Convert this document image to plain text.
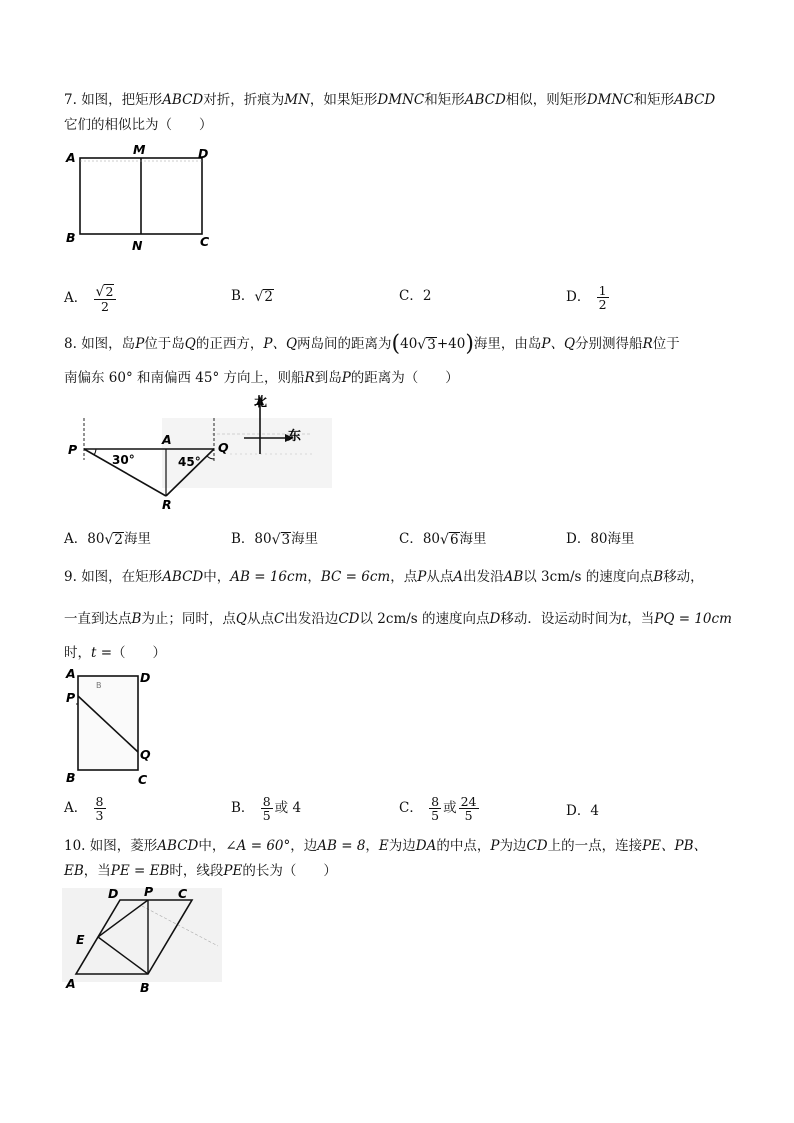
7. 如图，把矩形ABCD对折，折痕为MN，如果矩形DMNC和矩形ABCD相似，则矩形DMNC和矩形ABCD
它们的相似比为（　　）
A
M	D
B
N	C
A． $\frac{√2}{2}$	B．√2	C．2	D． $\frac{1}{2}$
8. 如图，岛P位于岛Q的正西方，P、Q两岛间的距离为(40√3+40)海里，由岛P、Q分别测得船R位于
南偏东 60° 和南偏西 45° 方向上，则船R到岛P的距离为（　　）
北
东
P
A
Q
R
30°	45°
A．80√2海里	B．80√3海里	C．80√6海里	D．80海里
9. 如图，在矩形ABCD中，AB = 16cm，BC = 6cm，点P从点A出发沿AB以 3cm/s 的速度向点B移动，
一直到达点B为止；同时，点Q从点C出发沿边CD以 2cm/s 的速度向点D移动．设运动时间为t，当PQ = 10cm
时，t =（　　）
B
A	D
P
Q
B	C
A． $\frac{8}{3}$	B． $\frac{8}{5}$ 或 4	C． $\frac{8}{5}$ 或 $\frac{24}{5}$	D．4
10. 如图，菱形ABCD中，∠A = 60°，边AB = 8，E为边DA的中点，P为边CD上的一点，连接PE、PB、
EB，当PE = EB时，线段PE的长为（　　）
D P C
E
A	B
